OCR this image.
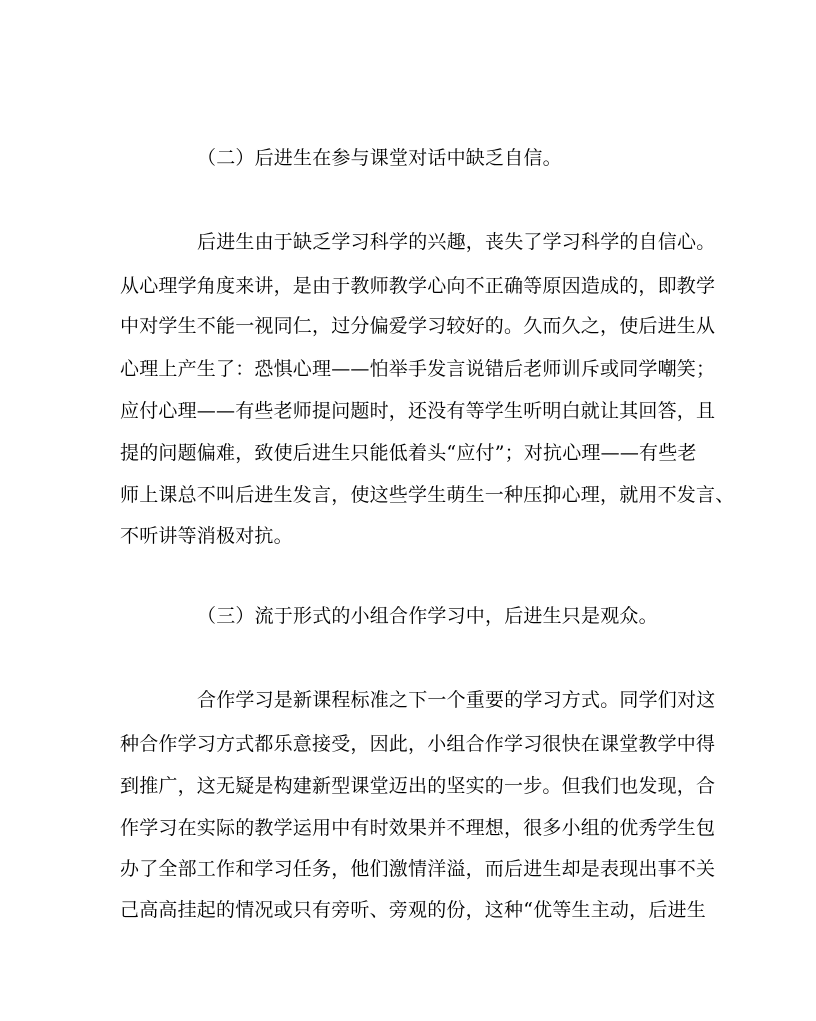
（二）后进生在参与课堂对话中缺乏自信。
后进生由于缺乏学习科学的兴趣，丧失了学习科学的自信心。
从心理学角度来讲，是由于教师教学心向不正确等原因造成的，即教学
中对学生不能一视同仁，过分偏爱学习较好的。久而久之，使后进生从
心理上产生了：恐惧心理——怕举手发言说错后老师训斥或同学嘲笑；
应付心理——有些老师提问题时，还没有等学生听明白就让其回答，且
提的问题偏难，致使后进生只能低着头“应付”；对抗心理——有些老
师上课总不叫后进生发言，使这些学生萌生一种压抑心理，就用不发言、
不听讲等消极对抗。
（三）流于形式的小组合作学习中，后进生只是观众。
合作学习是新课程标准之下一个重要的学习方式。同学们对这
种合作学习方式都乐意接受，因此，小组合作学习很快在课堂教学中得
到推广，这无疑是构建新型课堂迈出的坚实的一步。但我们也发现，合
作学习在实际的教学运用中有时效果并不理想，很多小组的优秀学生包
办了全部工作和学习任务，他们激情洋溢，而后进生却是表现出事不关
己高高挂起的情况或只有旁听、旁观的份，这种“优等生主动，后进生
